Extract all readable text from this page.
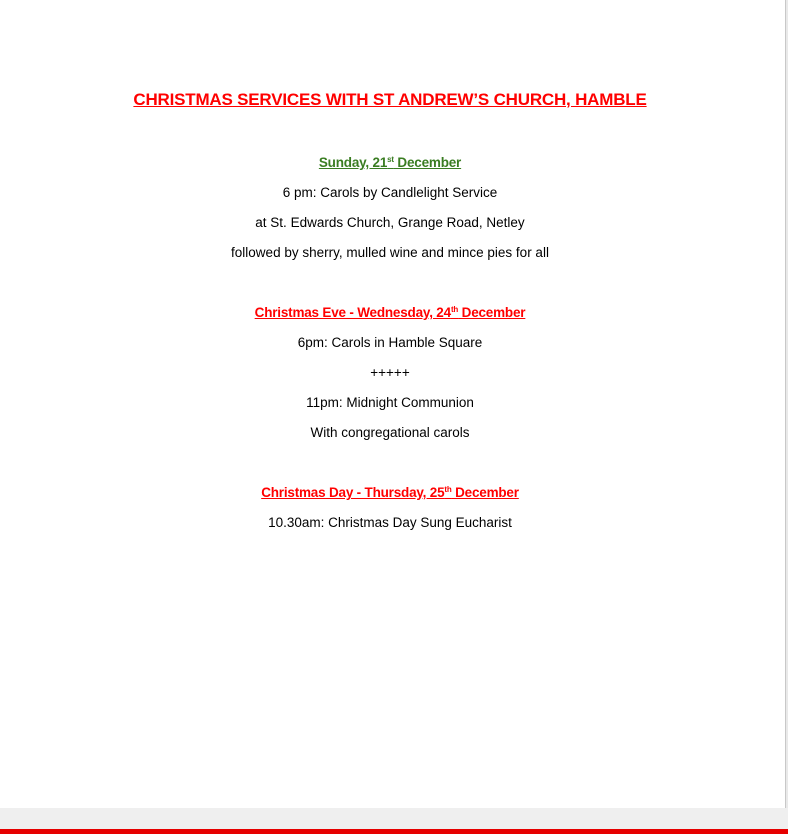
CHRISTMAS SERVICES WITH ST ANDREW’S CHURCH, HAMBLE
Sunday, 21st December
6 pm: Carols by Candlelight Service
at St. Edwards Church, Grange Road, Netley
followed by sherry, mulled wine and mince pies for all
Christmas Eve - Wednesday, 24th December
6pm: Carols in Hamble Square
+++++
11pm: Midnight Communion
With congregational carols
Christmas Day - Thursday, 25th December
10.30am: Christmas Day Sung Eucharist
